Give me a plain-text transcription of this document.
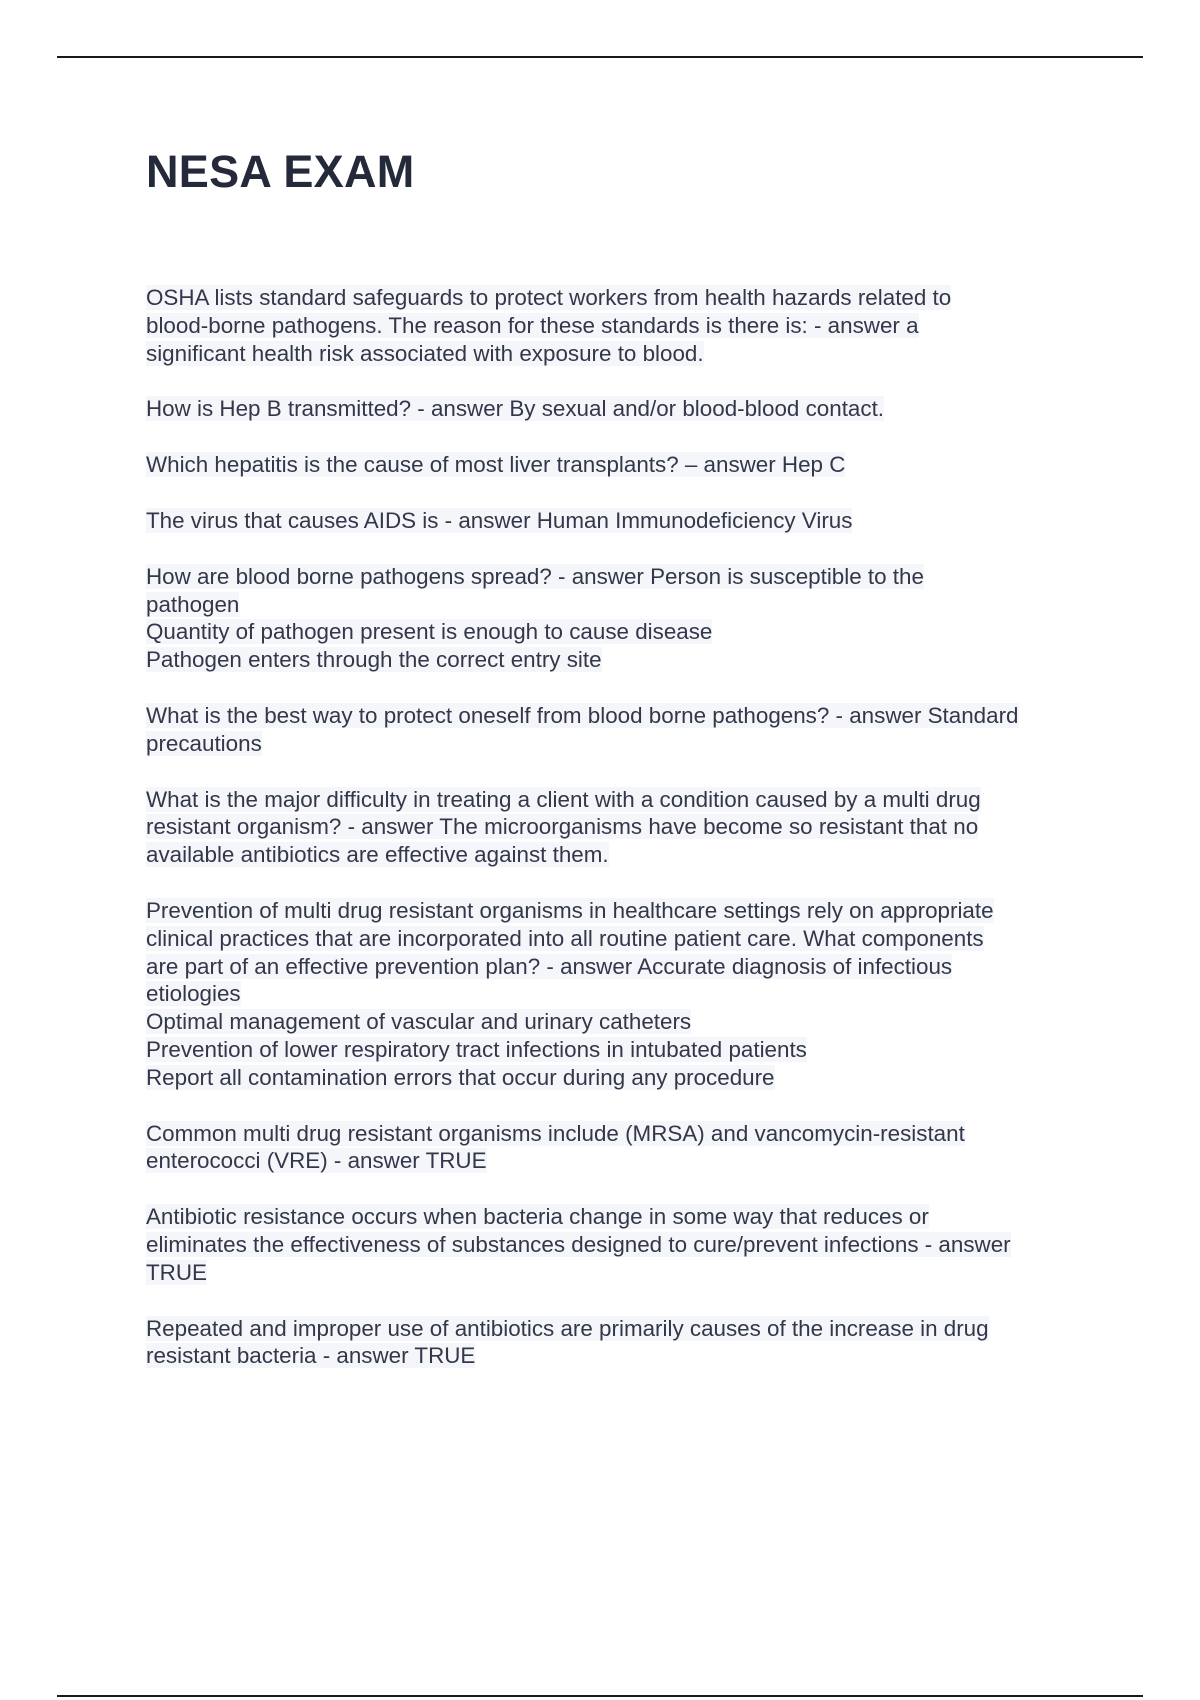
NESA EXAM

OSHA lists standard safeguards to protect workers from health hazards related to
blood-borne pathogens. The reason for these standards is there is: - answer a
significant health risk associated with exposure to blood.

How is Hep B transmitted? - answer By sexual and/or blood-blood contact.

Which hepatitis is the cause of most liver transplants? – answer Hep C

The virus that causes AIDS is - answer Human Immunodeficiency Virus

How are blood borne pathogens spread? - answer Person is susceptible to the
pathogen
Quantity of pathogen present is enough to cause disease
Pathogen enters through the correct entry site

What is the best way to protect oneself from blood borne pathogens? - answer Standard
precautions

What is the major difficulty in treating a client with a condition caused by a multi drug
resistant organism? - answer The microorganisms have become so resistant that no
available antibiotics are effective against them.

Prevention of multi drug resistant organisms in healthcare settings rely on appropriate
clinical practices that are incorporated into all routine patient care. What components
are part of an effective prevention plan? - answer Accurate diagnosis of infectious
etiologies
Optimal management of vascular and urinary catheters
Prevention of lower respiratory tract infections in intubated patients
Report all contamination errors that occur during any procedure

Common multi drug resistant organisms include (MRSA) and vancomycin-resistant
enterococci (VRE) - answer TRUE

Antibiotic resistance occurs when bacteria change in some way that reduces or
eliminates the effectiveness of substances designed to cure/prevent infections - answer
TRUE

Repeated and improper use of antibiotics are primarily causes of the increase in drug
resistant bacteria - answer TRUE
